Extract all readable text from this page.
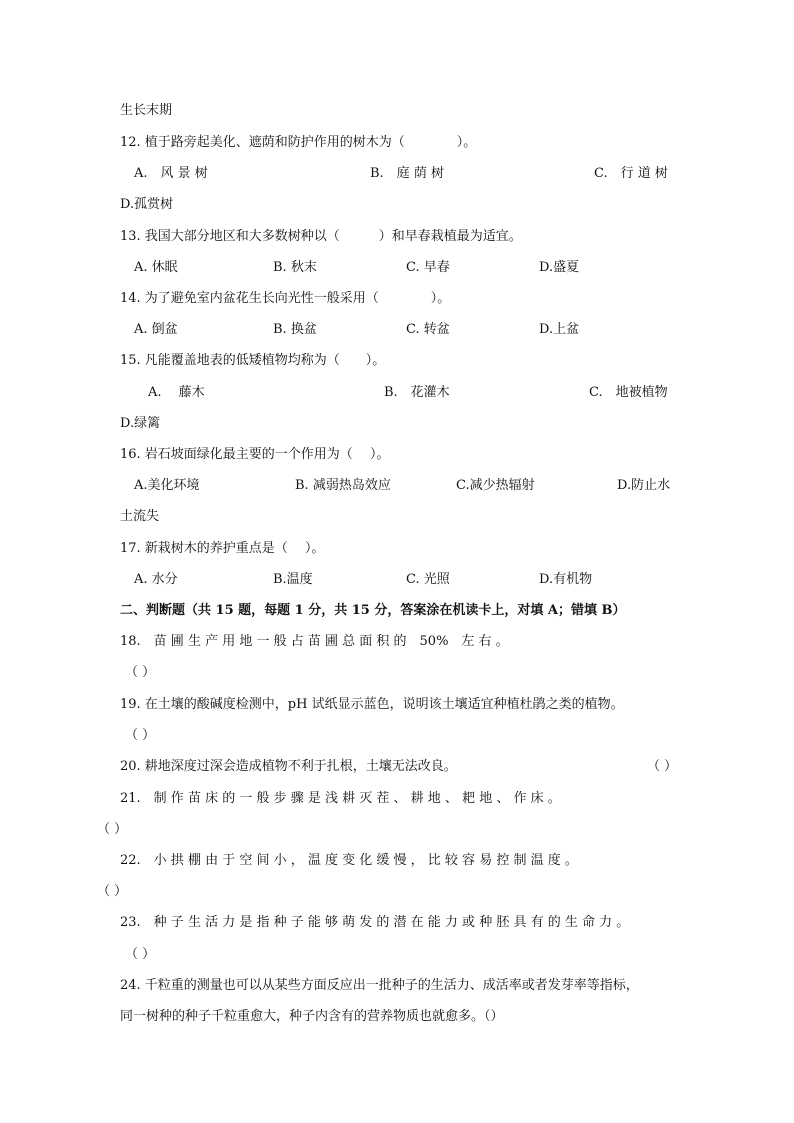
生长末期
12. 植于路旁起美化、遮荫和防护作用的树木为（　　　　）。
A.　风 景 树	B.　庭 荫 树	C.　行 道 树
D.孤赏树
13. 我国大部分地区和大多数树种以（　　　）和早春栽植最为适宜。
A. 休眠	B. 秋末	C. 早春	D.盛夏
14. 为了避免室内盆花生长向光性一般采用（　　　　）。
A. 倒盆	B. 换盆	C. 转盆	D.上盆
15. 凡能覆盖地表的低矮植物均称为（　　）。
A.　 藤木	B.　花灌木	C.　地被植物
D.绿篱
16. 岩石坡面绿化最主要的一个作用为（　 ）。
A.美化环境	B. 减弱热岛效应	C.减少热辐射	D.防止水
土流失
17. 新栽树木的养护重点是（　 ）。
A. 水分	B.温度	C. 光照	D.有机物
二、判断题（共 15 题，每题 1 分，共 15 分，答案涂在机读卡上，对填 A；错填 B）
18.　苗 圃 生 产 用 地 一 般 占 苗 圃 总 面 积 的　50%　左 右 。
（ ）
19. 在土壤的酸碱度检测中，pH 试纸显示蓝色，说明该土壤适宜种植杜鹃之类的植物。
（ ）
20. 耕地深度过深会造成植物不利于扎根，土壤无法改良。	（ ）
21.　制 作 苗 床 的 一 般 步 骤 是 浅 耕 灭 茬 、 耕 地 、 耙 地 、 作 床 。
（ ）
22.　小 拱 棚 由 于 空 间 小 ， 温 度 变 化 缓 慢 ， 比 较 容 易 控 制 温 度 。
（ ）
23.　种 子 生 活 力 是 指 种 子 能 够 萌 发 的 潜 在 能 力 或 种 胚 具 有 的 生 命 力 。
（ ）
24. 千粒重的测量也可以从某些方面反应出一批种子的生活力、成活率或者发芽率等指标，
同一树种的种子千粒重愈大，种子内含有的营养物质也就愈多。（）
